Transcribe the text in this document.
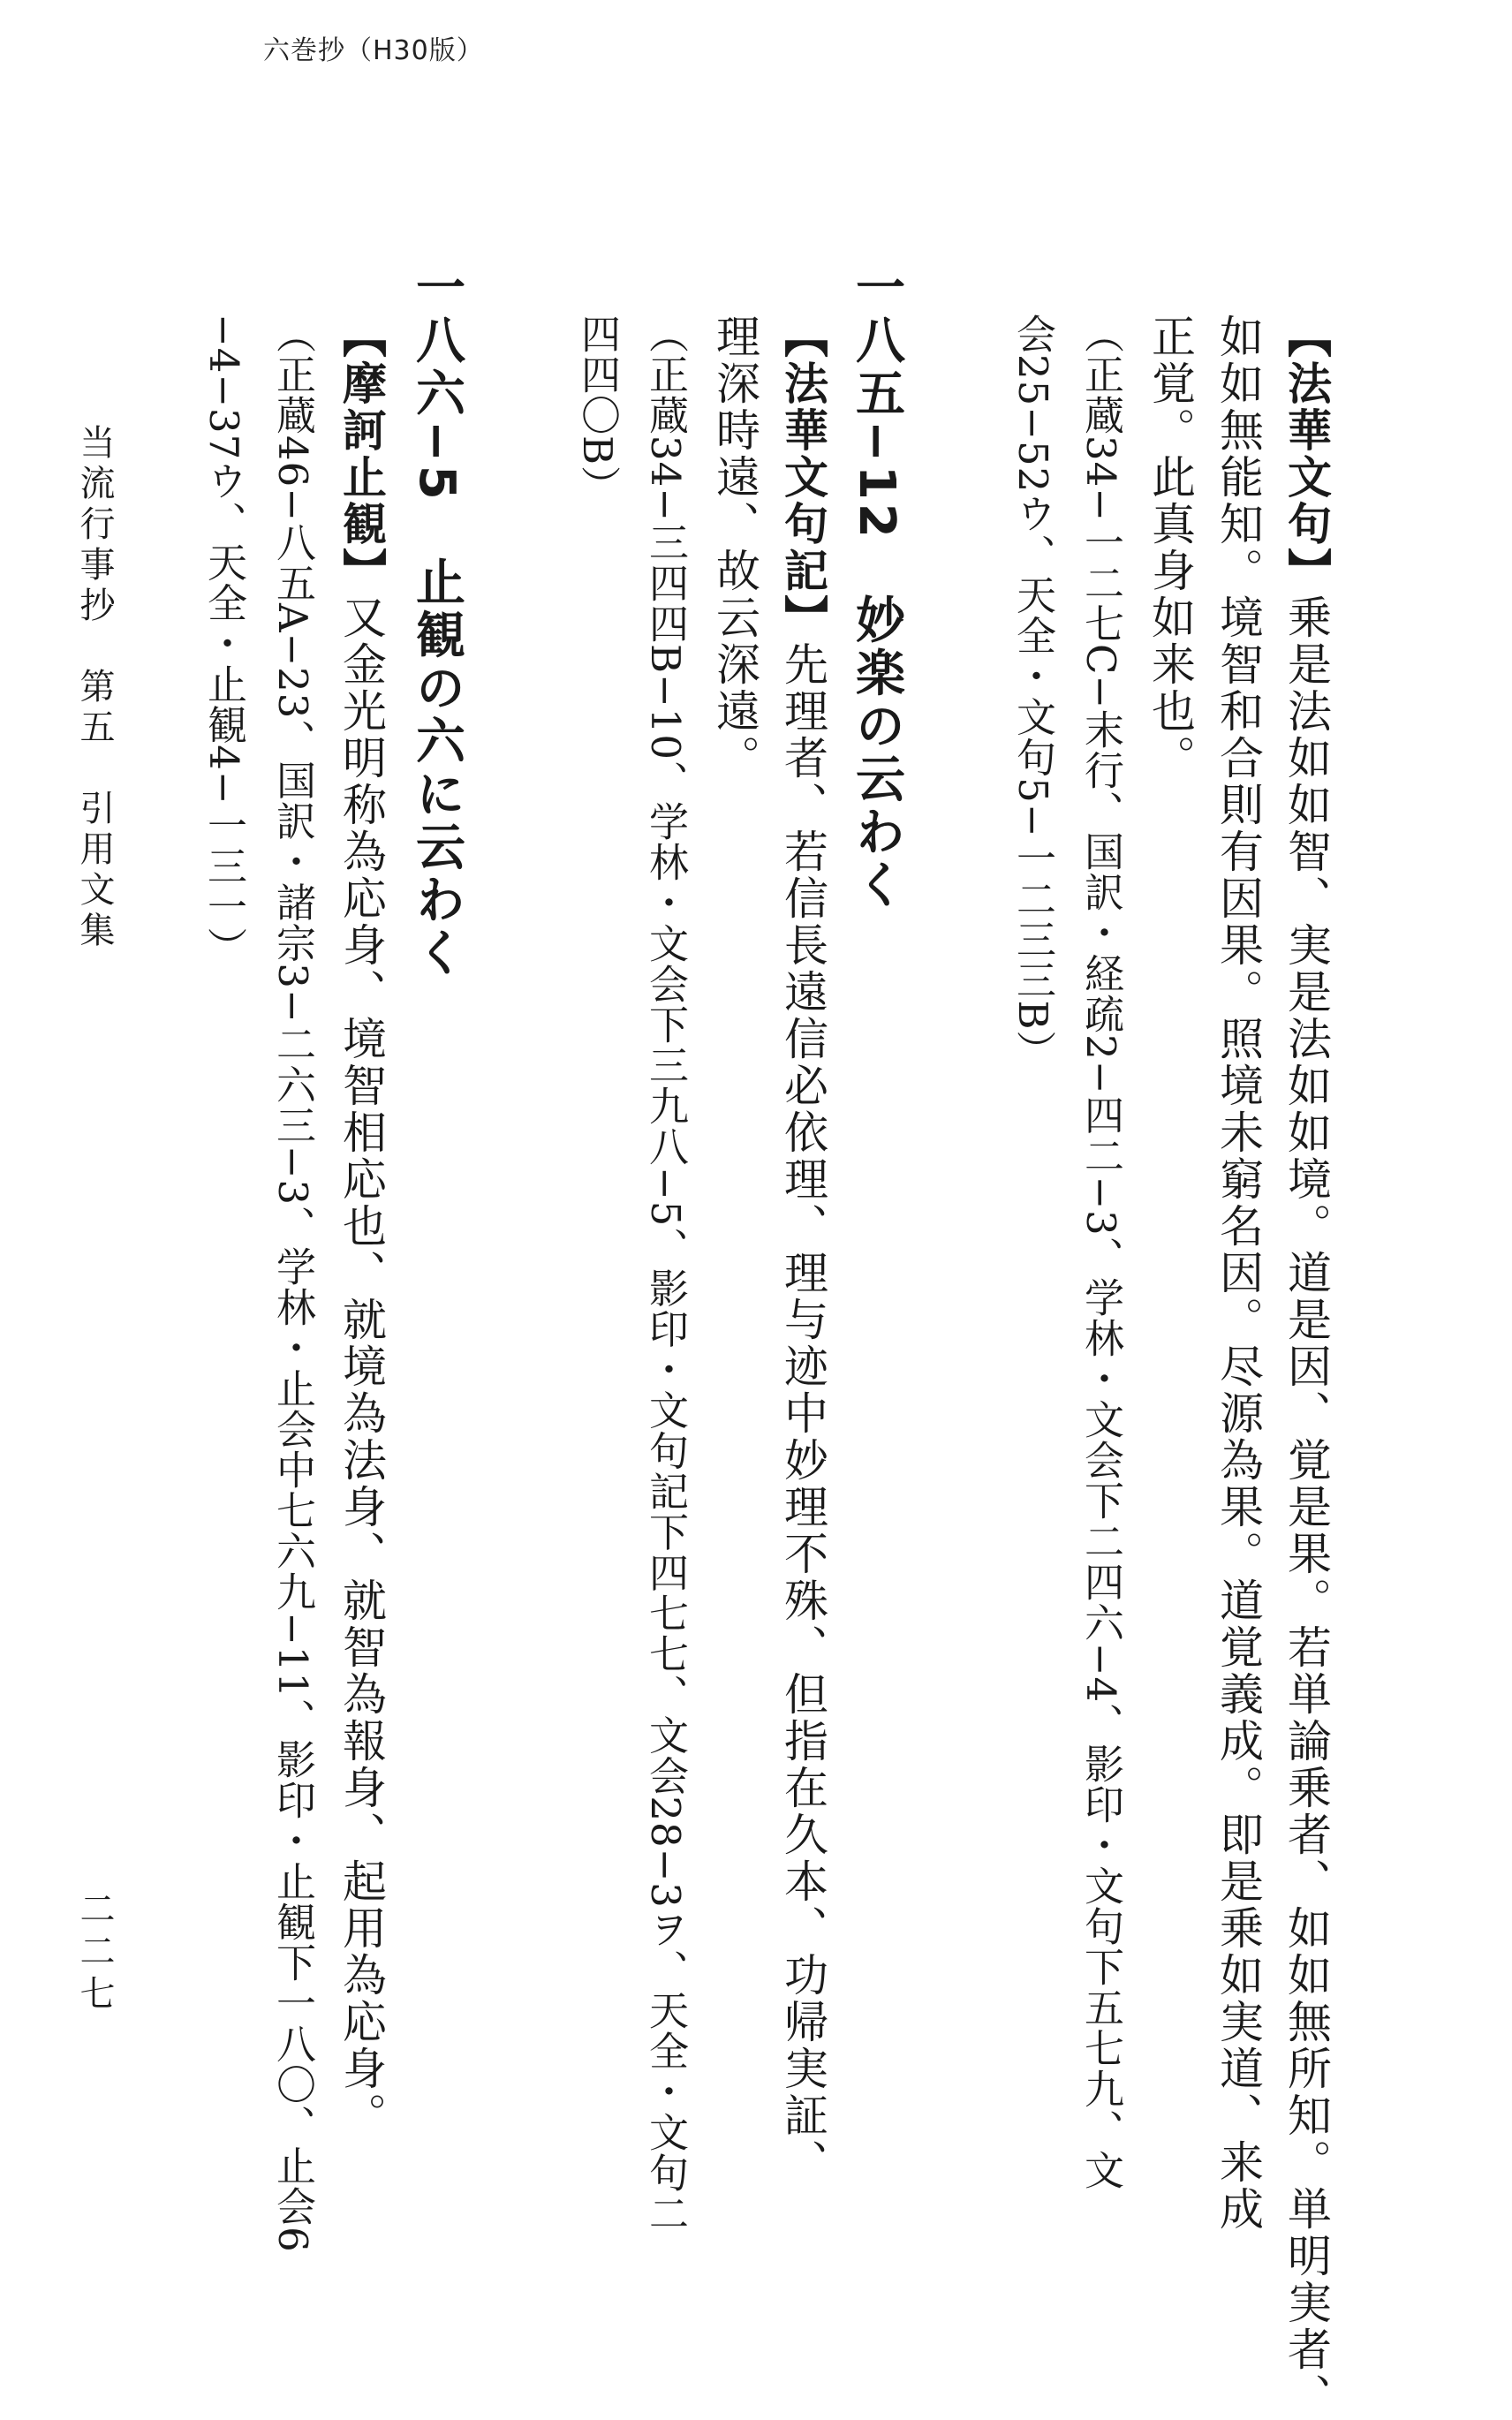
六巻抄（H30版）
【法華文句】乗是法如如智、実是法如如境。道是因、覚是果。若単論乗者、如如無所知。単明実者、
如如無能知。境智和合則有因果。照境未窮名因。尽源為果。道覚義成。即是乗如実道、来成
正覚。此真身如来也。
（正蔵34−一二七C−末行、国訳・経疏2−四二−3、学林・文会下二四六−4、影印・文句下五七九、文
会25−52ウ、天全・文句5−一二三三B）
一八五−12　妙楽の云わく
【法華文句記】先理者、若信長遠信必依理、理与迹中妙理不殊、但指在久本、功帰実証、
理深時遠、故云深遠。
（正蔵34−三四四B−10、学林・文会下三九八−5、影印・文句記下四七七、文会28−3ヲ、天全・文句二
四四〇B）
一八六−5　止観の六に云わく
【摩訶止観】又金光明称為応身、境智相応也、就境為法身、就智為報身、起用為応身。
（正蔵46−八五A−23、国訳・諸宗3−二六三−3、学林・止会中七六九−11、影印・止観下一八〇、止会6
−4−37ウ、天全・止観4−一三一）
当流行事抄　第五　引用文集
二二七
